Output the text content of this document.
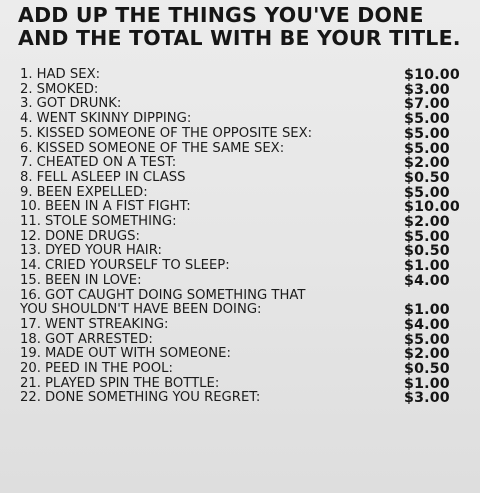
ADD UP THE THINGS YOU'VE DONE
AND THE TOTAL WITH BE YOUR TITLE.
1. HAD SEX:	$10.00
2. SMOKED:	$3.00
3. GOT DRUNK:	$7.00
4. WENT SKINNY DIPPING:	$5.00
5. KISSED SOMEONE OF THE OPPOSITE SEX:	$5.00
6. KISSED SOMEONE OF THE SAME SEX:	$5.00
7. CHEATED ON A TEST:	$2.00
8. FELL ASLEEP IN CLASS	$0.50
9. BEEN EXPELLED:	$5.00
10. BEEN IN A FIST FIGHT:	$10.00
11. STOLE SOMETHING:	$2.00
12. DONE DRUGS:	$5.00
13. DYED YOUR HAIR:	$0.50
14. CRIED YOURSELF TO SLEEP:	$1.00
15. BEEN IN LOVE:	$4.00
16. GOT CAUGHT DOING SOMETHING THAT
YOU SHOULDN'T HAVE BEEN DOING:	$1.00
17. WENT STREAKING:	$4.00
18. GOT ARRESTED:	$5.00
19. MADE OUT WITH SOMEONE:	$2.00
20. PEED IN THE POOL:	$0.50
21. PLAYED SPIN THE BOTTLE:	$1.00
22. DONE SOMETHING YOU REGRET:	$3.00
